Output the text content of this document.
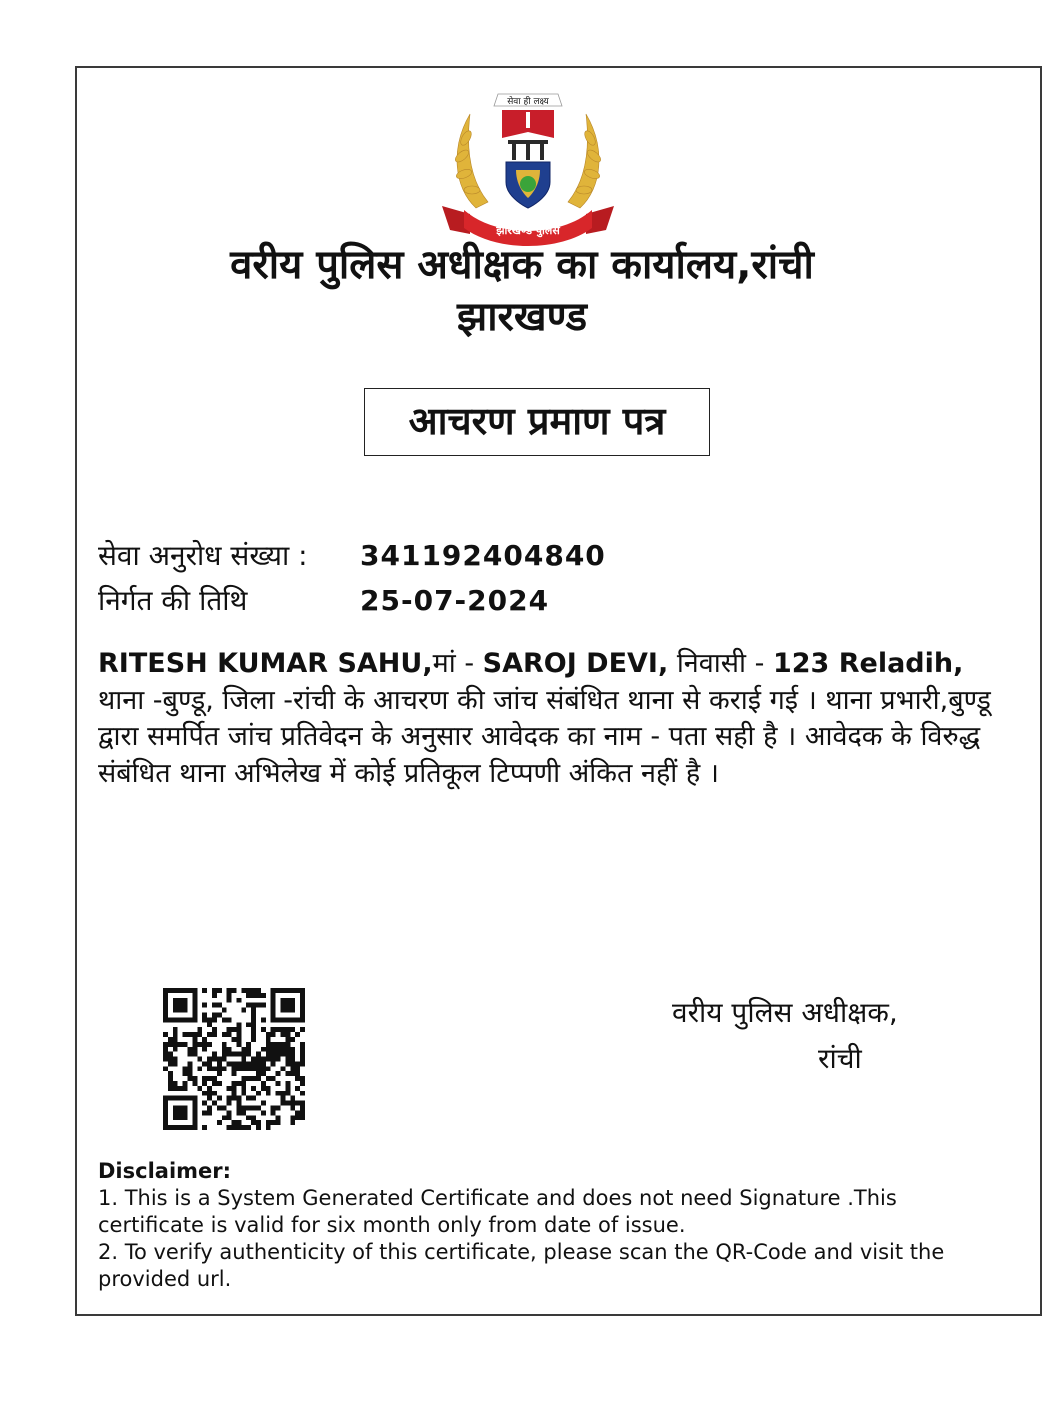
सेवा ही लक्ष्य
झारखण्ड पुलिस
वरीय पुलिस अधीक्षक का कार्यालय,रांची
झारखण्ड
आचरण प्रमाण पत्र
सेवा अनुरोध संख्या : 341192404840
निर्गत की तिथि	25-07-2024
RITESH KUMAR SAHU,मां - SAROJ DEVI, निवासी - 123 Reladih, थाना -बुण्डू, जिला -रांची के आचरण की जांच संबंधित थाना से कराई गई । थाना प्रभारी,बुण्डू द्वारा समर्पित जांच प्रतिवेदन के अनुसार आवेदक का नाम - पता सही है । आवेदक के विरुद्ध संबंधित थाना अभिलेख में कोई प्रतिकूल टिप्पणी अंकित नहीं है ।
वरीय पुलिस अधीक्षक,
रांची
Disclaimer:
1. This is a System Generated Certificate and does not need Signature .This certificate is valid for six month only from date of issue.
2. To verify authenticity of this certificate, please scan the QR-Code and visit the provided url.
